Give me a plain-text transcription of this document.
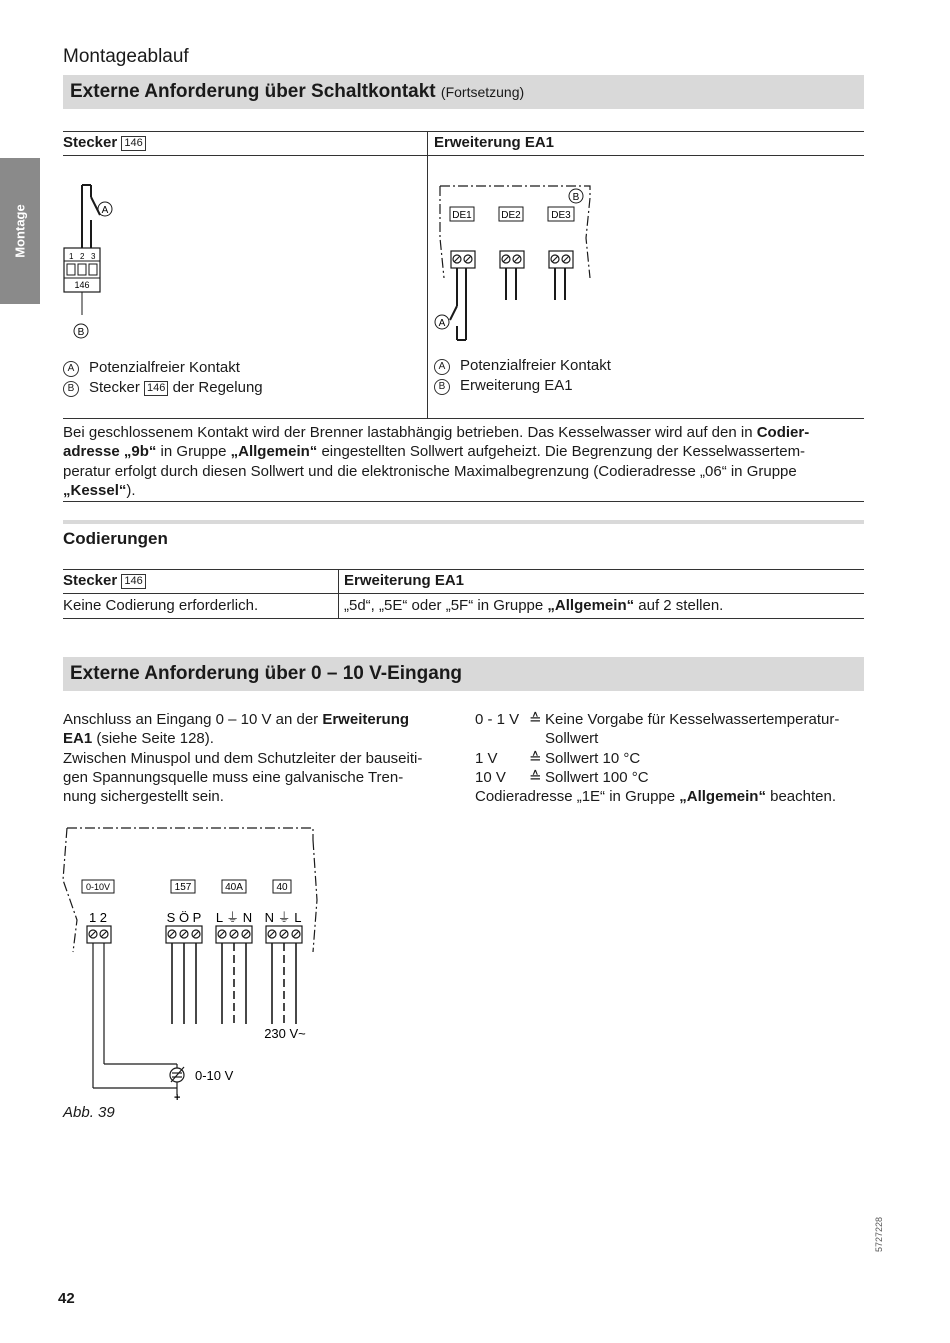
Montage
Montageablauf
Externe Anforderung über Schaltkontakt (Fortsetzung)
Stecker 146	Erweiterung EA1
A
1 2 3
146
B
B
DE1	DE2	DE3
A
A Potenzialfreier Kontakt
B Stecker 146 der Regelung
A Potenzialfreier Kontakt
B Erweiterung EA1
Bei geschlossenem Kontakt wird der Brenner lastabhängig betrieben. Das Kesselwasser wird auf den in Codier-
adresse „9b“ in Gruppe „Allgemein“ eingestellten Sollwert aufgeheizt. Die Begrenzung der Kesselwassertem-
peratur erfolgt durch diesen Sollwert und die elektronische Maximalbegrenzung (Codieradresse „06“ in Gruppe
„Kessel“).
Codierungen
Stecker 146	Erweiterung EA1
Keine Codierung erforderlich.	„5d“, „5E“ oder „5F“ in Gruppe „Allgemein“ auf 2 stellen.
Externe Anforderung über 0 – 10 V-Eingang
Anschluss an Eingang 0 – 10 V an der Erweiterung
EA1 (siehe Seite 128).
Zwischen Minuspol und dem Schutzleiter der bauseiti-
gen Spannungsquelle muss eine galvanische Tren-
nung sichergestellt sein.
0 - 1 V ≙ Keine Vorgabe für Kesselwassertemperatur-
Sollwert
1 V	≙ Sollwert 10 °C
10 V	≙ Sollwert 100 °C
Codieradresse „1E“ in Gruppe „Allgemein“ beachten.
0-10V	157	40A	40
1 2	S Ö P L ⏚ N N ⏚ L
230 V~
0-10 V
+
Abb. 39
42
5727228
